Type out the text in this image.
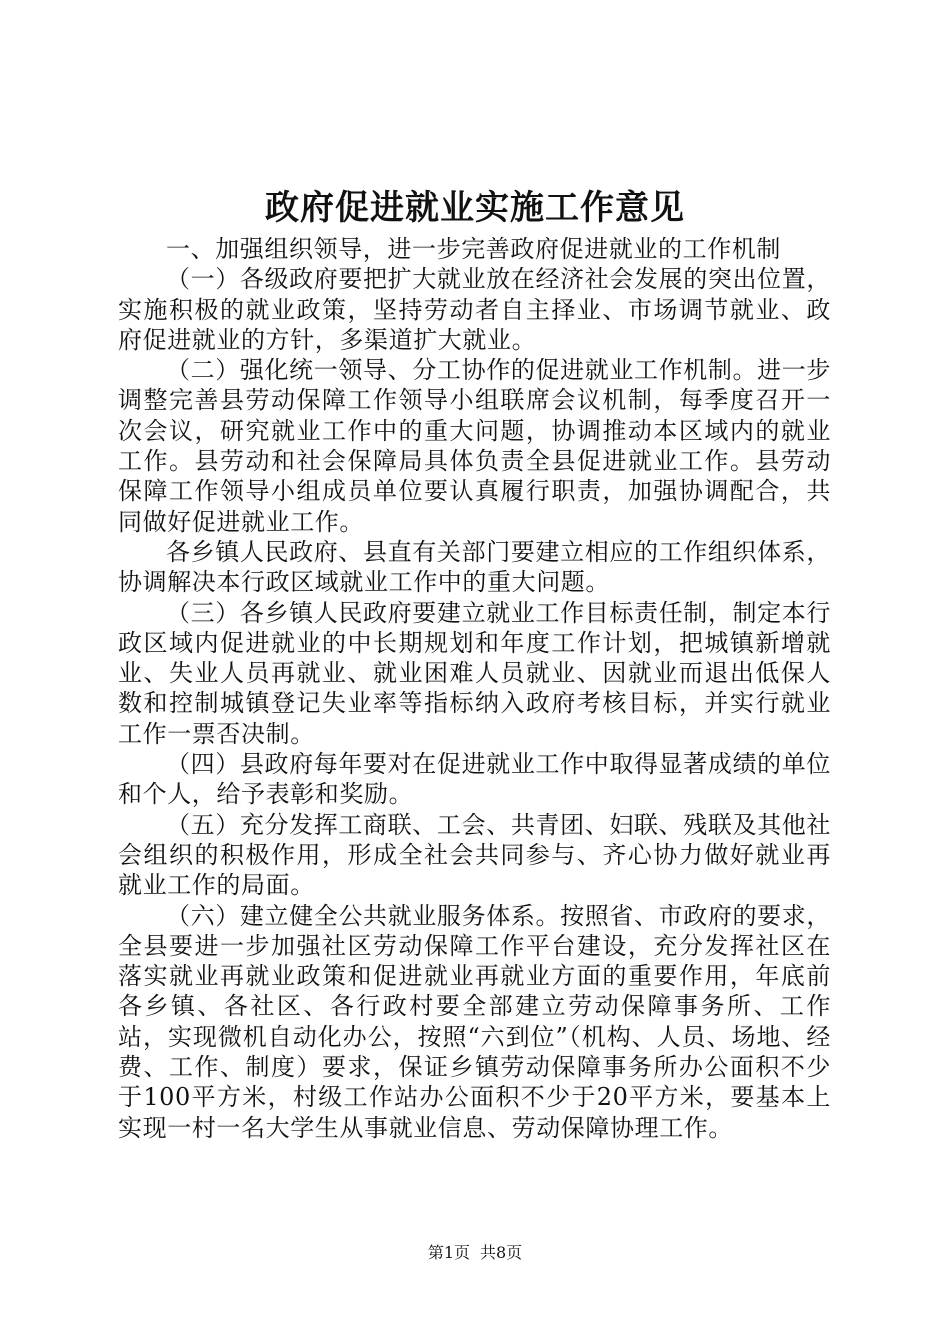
政府促进就业实施工作意见

一、加强组织领导，进一步完善政府促进就业的工作机制

（一）各级政府要把扩大就业放在经济社会发展的突出位置，实施积极的就业政策，坚持劳动者自主择业、市场调节就业、政府促进就业的方针，多渠道扩大就业。

（二）强化统一领导、分工协作的促进就业工作机制。进一步调整完善县劳动保障工作领导小组联席会议机制，每季度召开一次会议，研究就业工作中的重大问题，协调推动本区域内的就业工作。县劳动和社会保障局具体负责全县促进就业工作。县劳动保障工作领导小组成员单位要认真履行职责，加强协调配合，共同做好促进就业工作。

各乡镇人民政府、县直有关部门要建立相应的工作组织体系，协调解决本行政区域就业工作中的重大问题。

（三）各乡镇人民政府要建立就业工作目标责任制，制定本行政区域内促进就业的中长期规划和年度工作计划，把城镇新增就业、失业人员再就业、就业困难人员就业、因就业而退出低保人数和控制城镇登记失业率等指标纳入政府考核目标，并实行就业工作一票否决制。

（四）县政府每年要对在促进就业工作中取得显著成绩的单位和个人，给予表彰和奖励。

（五）充分发挥工商联、工会、共青团、妇联、残联及其他社会组织的积极作用，形成全社会共同参与、齐心协力做好就业再就业工作的局面。

（六）建立健全公共就业服务体系。按照省、市政府的要求，全县要进一步加强社区劳动保障工作平台建设，充分发挥社区在落实就业再就业政策和促进就业再就业方面的重要作用，年底前各乡镇、各社区、各行政村要全部建立劳动保障事务所、工作站，实现微机自动化办公，按照“六到位”（机构、人员、场地、经费、工作、制度）要求，保证乡镇劳动保障事务所办公面积不少于100平方米，村级工作站办公面积不少于20平方米，要基本上实现一村一名大学生从事就业信息、劳动保障协理工作。

第1页 共8页
